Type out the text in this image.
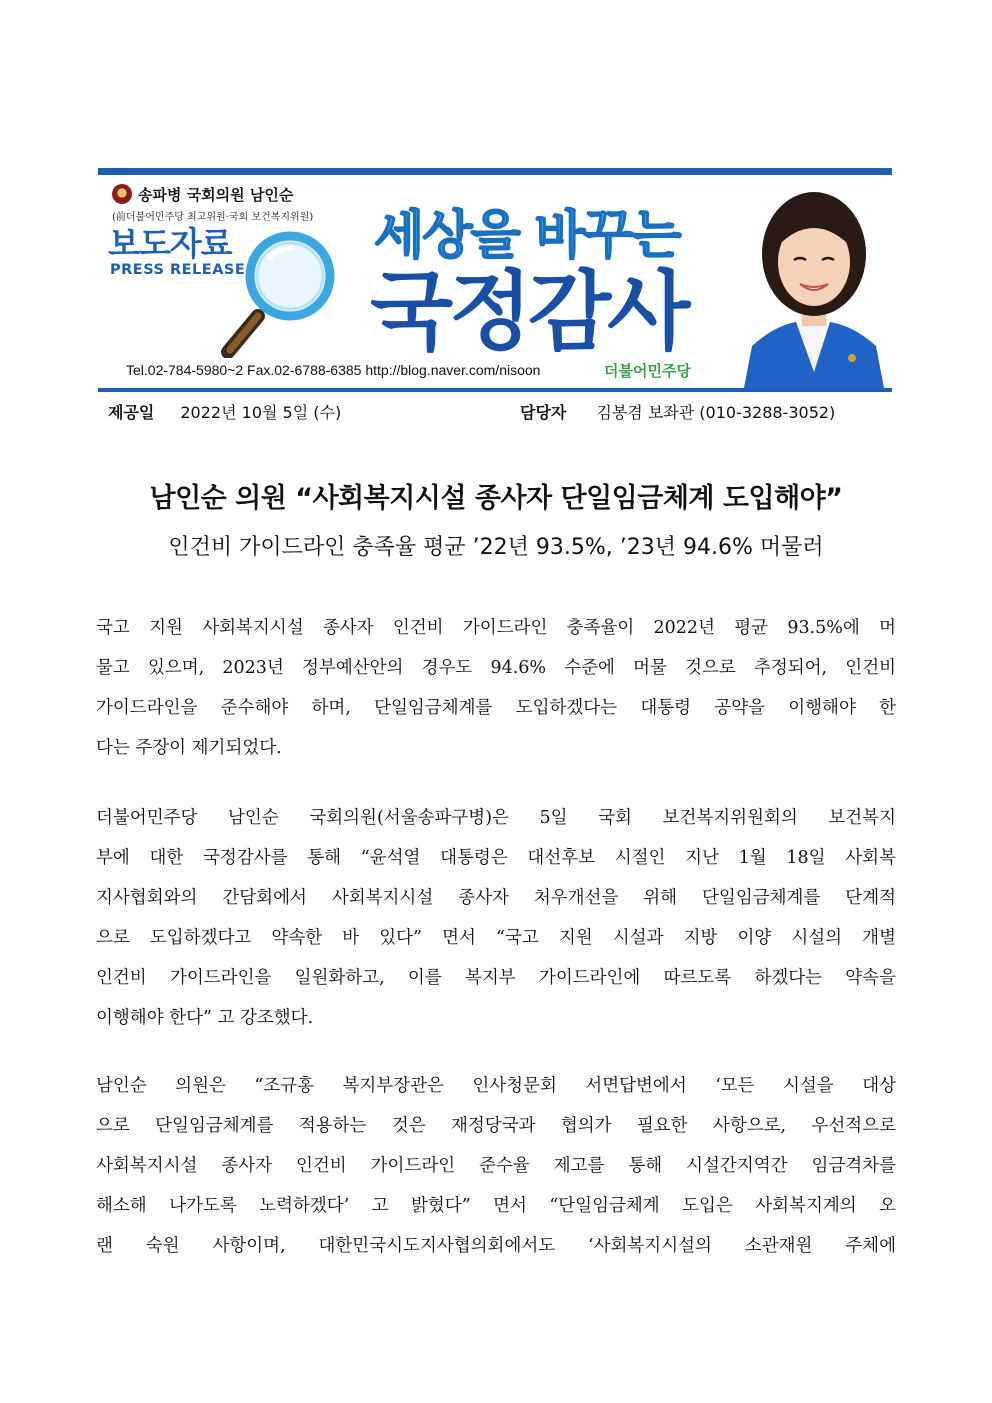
송파병 국회의원 남인순
(前더불어민주당 최고위원·국회 보건복지위원)
보도자료
PRESS RELEASE
세상을 바꾸는
국정감사
Tel.02-784-5980~2 Fax.02-6788-6385 http://blog.naver.com/nisoon	더불어민주당
제공일 2022년 10월 5일 (수)	담당자 김봉겸 보좌관 (010-3288-3052)
남인순 의원 “사회복지시설 종사자 단일임금체계 도입해야”
인건비 가이드라인 충족율 평균 ’22년 93.5%, ’23년 94.6% 머물러
국고 지원 사회복지시설 종사자 인건비 가이드라인 충족율이 2022년 평균 93.5%에 머
물고 있으며, 2023년 정부예산안의 경우도 94.6% 수준에 머물 것으로 추정되어, 인건비
가이드라인을 준수해야 하며, 단일임금체계를 도입하겠다는 대통령 공약을 이행해야 한
다는 주장이 제기되었다.
더불어민주당 남인순 국회의원(서울송파구병)은 5일 국회 보건복지위원회의 보건복지
부에 대한 국정감사를 통해 “윤석열 대통령은 대선후보 시절인 지난 1월 18일 사회복
지사협회와의 간담회에서 사회복지시설 종사자 처우개선을 위해 단일임금체계를 단계적
으로 도입하겠다고 약속한 바 있다” 면서 “국고 지원 시설과 지방 이양 시설의 개별
인건비 가이드라인을 일원화하고, 이를 복지부 가이드라인에 따르도록 하겠다는 약속을
이행해야 한다” 고 강조했다.
남인순 의원은 “조규홍 복지부장관은 인사청문회 서면답변에서 ‘모든 시설을 대상
으로 단일임금체계를 적용하는 것은 재정당국과 협의가 필요한 사항으로, 우선적으로
사회복지시설 종사자 인건비 가이드라인 준수율 제고를 통해 시설간지역간 임금격차를
해소해 나가도록 노력하겠다’ 고 밝혔다” 면서 “단일임금체계 도입은 사회복지계의 오
랜 숙원 사항이며, 대한민국시도지사협의회에서도 ‘사회복지시설의 소관재원 주체에
